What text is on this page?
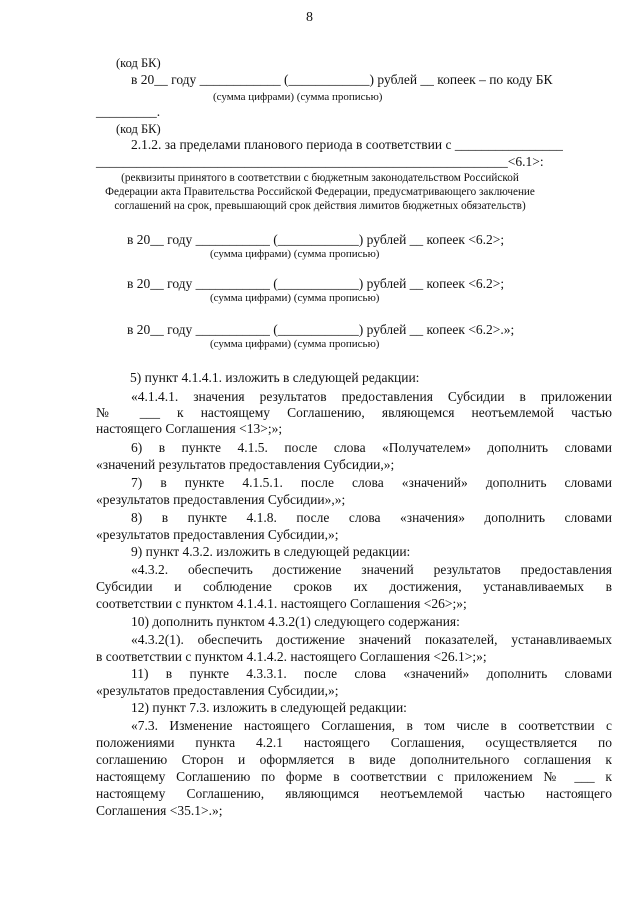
8
(код БК)
в 20__ году ____________ (____________) рублей __ копеек – по коду БК
(сумма цифрами) (сумма прописью)
_________.
(код БК)
2.1.2. за пределами планового периода в соответствии с ________________
_____________________________________________________________<6.1>:
(реквизиты принятого в соответствии с бюджетным законодательством Российской
Федерации акта Правительства Российской Федерации, предусматривающего заключение
соглашений на срок, превышающий срок действия лимитов бюджетных обязательств)
в 20__ году ___________ (____________) рублей __ копеек <6.2>;
(сумма цифрами) (сумма прописью)
в 20__ году ___________ (____________) рублей __ копеек <6.2>;
(сумма цифрами) (сумма прописью)
в 20__ году ___________ (____________) рублей __ копеек <6.2>.»;
(сумма цифрами) (сумма прописью)
5) пункт 4.1.4.1. изложить в следующей редакции:
«4.1.4.1. значения результатов предоставления Субсидии в приложении
№ ___ к настоящему Соглашению, являющемся неотъемлемой частью
настоящего Соглашения <13>;»;
6) в пункте 4.1.5. после слова «Получателем» дополнить словами
«значений результатов предоставления Субсидии,»;
7) в пункте 4.1.5.1. после слова «значений» дополнить словами
«результатов предоставления Субсидии»,»;
8) в пункте 4.1.8. после слова «значения» дополнить словами
«результатов предоставления Субсидии,»;
9) пункт 4.3.2. изложить в следующей редакции:
«4.3.2. обеспечить достижение значений результатов предоставления
Субсидии и соблюдение сроков их достижения, устанавливаемых в
соответствии с пунктом 4.1.4.1. настоящего Соглашения <26>;»;
10) дополнить пунктом 4.3.2(1) следующего содержания:
«4.3.2(1). обеспечить достижение значений показателей, устанавливаемых
в соответствии с пунктом 4.1.4.2. настоящего Соглашения <26.1>;»;
11) в пункте 4.3.3.1. после слова «значений» дополнить словами
«результатов предоставления Субсидии,»;
12) пункт 7.3. изложить в следующей редакции:
«7.3. Изменение настоящего Соглашения, в том числе в соответствии с
положениями пункта 4.2.1 настоящего Соглашения, осуществляется по
соглашению Сторон и оформляется в виде дополнительного соглашения к
настоящему Соглашению по форме в соответствии с приложением № ___ к
настоящему Соглашению, являющимся неотъемлемой частью настоящего
Соглашения <35.1>.»;
